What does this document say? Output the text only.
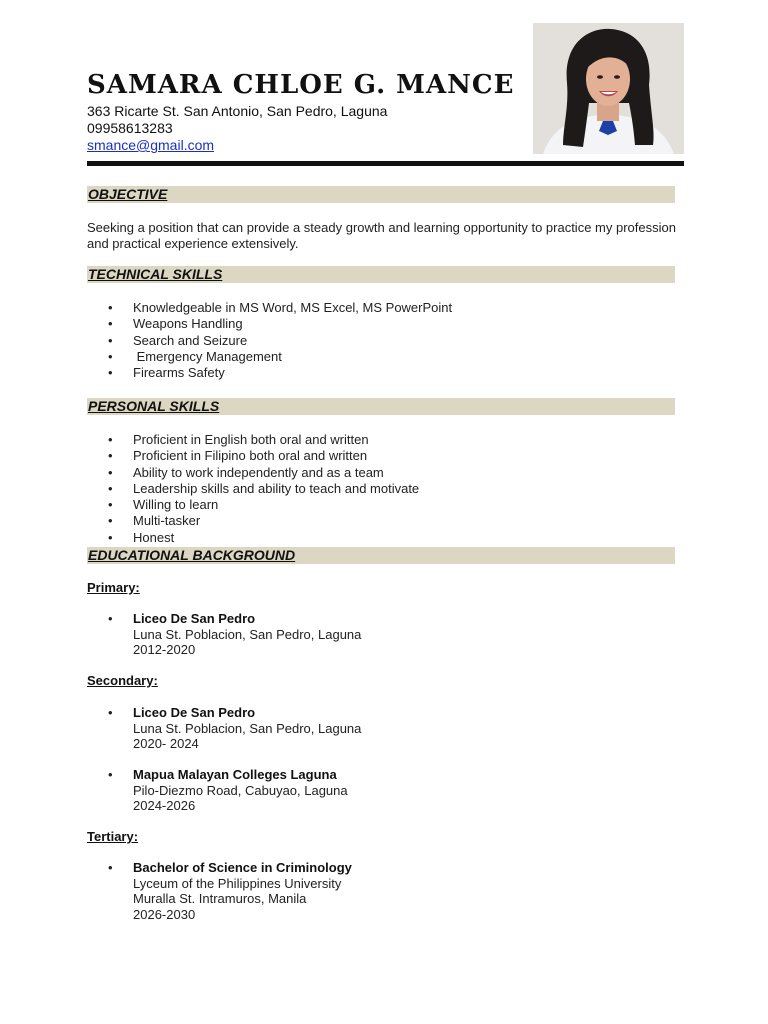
SAMARA CHLOE G. MANCE
363 Ricarte St. San Antonio, San Pedro, Laguna
09958613283
smance@gmail.com
OBJECTIVE
Seeking a position that can provide a steady growth and learning opportunity to practice my profession and practical experience extensively.
TECHNICAL SKILLS
• Knowledgeable in MS Word, MS Excel, MS PowerPoint
• Weapons Handling
• Search and Seizure
•  Emergency Management
• Firearms Safety
PERSONAL SKILLS
• Proficient in English both oral and written
• Proficient in Filipino both oral and written
• Ability to work independently and as a team
• Leadership skills and ability to teach and motivate
• Willing to learn
• Multi-tasker
• Honest
EDUCATIONAL BACKGROUND
Primary:
• Liceo De San Pedro
Luna St. Poblacion, San Pedro, Laguna
2012-2020
Secondary:
• Liceo De San Pedro
Luna St. Poblacion, San Pedro, Laguna
2020- 2024
• Mapua Malayan Colleges Laguna
Pilo-Diezmo Road, Cabuyao, Laguna
2024-2026
Tertiary:
• Bachelor of Science in Criminology
Lyceum of the Philippines University
Muralla St. Intramuros, Manila
2026-2030
